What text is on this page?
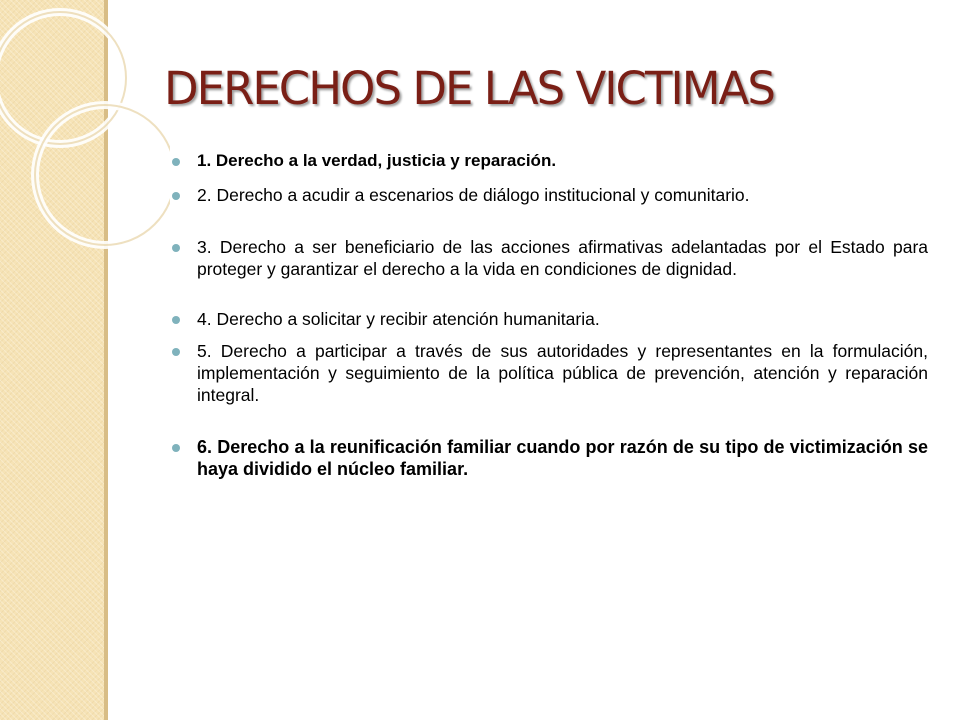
DERECHOS DE LAS VICTIMAS
1. Derecho a la verdad, justicia y reparación.
2. Derecho a acudir a escenarios de diálogo institucional y comunitario.
3. Derecho a ser beneficiario de las acciones afirmativas adelantadas por el Estado para proteger y garantizar el derecho a la vida en condiciones de dignidad.
4. Derecho a solicitar y recibir atención humanitaria.
5. Derecho a participar a través de sus autoridades y representantes en la formulación, implementación y seguimiento de la política pública de prevención, atención y reparación integral.
6. Derecho a la reunificación familiar cuando por razón de su tipo de victimización se haya dividido el núcleo familiar.
